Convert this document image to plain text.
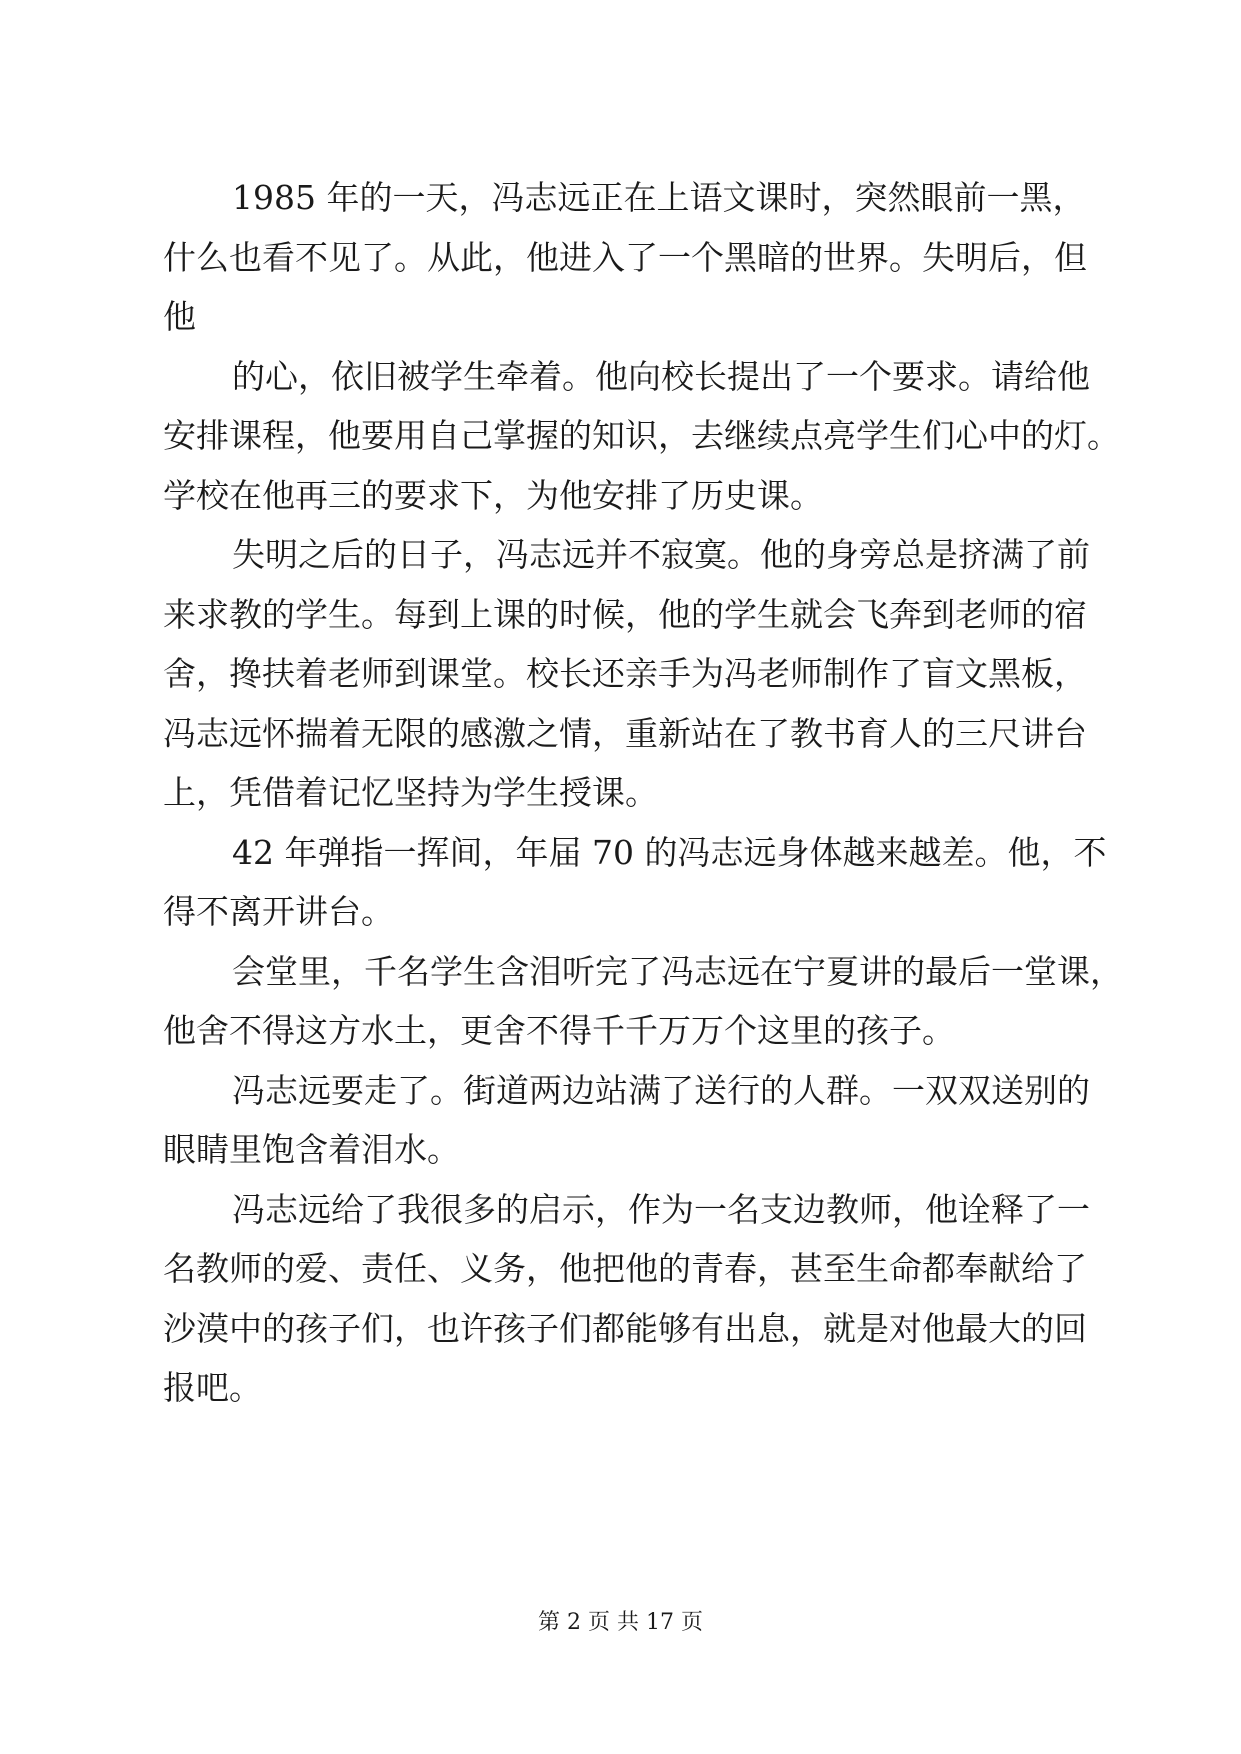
1985 年的一天，冯志远正在上语文课时，突然眼前一黑，
什么也看不见了。从此，他进入了一个黑暗的世界。失明后，但
他

的心，依旧被学生牵着。他向校长提出了一个要求。请给他
安排课程，他要用自己掌握的知识，去继续点亮学生们心中的灯。
学校在他再三的要求下，为他安排了历史课。

失明之后的日子，冯志远并不寂寞。他的身旁总是挤满了前
来求教的学生。每到上课的时候，他的学生就会飞奔到老师的宿
舍，搀扶着老师到课堂。校长还亲手为冯老师制作了盲文黑板，
冯志远怀揣着无限的感激之情，重新站在了教书育人的三尺讲台
上，凭借着记忆坚持为学生授课。

42 年弹指一挥间，年届 70 的冯志远身体越来越差。他，不
得不离开讲台。

会堂里，千名学生含泪听完了冯志远在宁夏讲的最后一堂课，
他舍不得这方水土，更舍不得千千万万个这里的孩子。

冯志远要走了。街道两边站满了送行的人群。一双双送别的
眼睛里饱含着泪水。

冯志远给了我很多的启示，作为一名支边教师，他诠释了一
名教师的爱、责任、义务，他把他的青春，甚至生命都奉献给了
沙漠中的孩子们，也许孩子们都能够有出息，就是对他最大的回
报吧。

第 2 页 共 17 页
